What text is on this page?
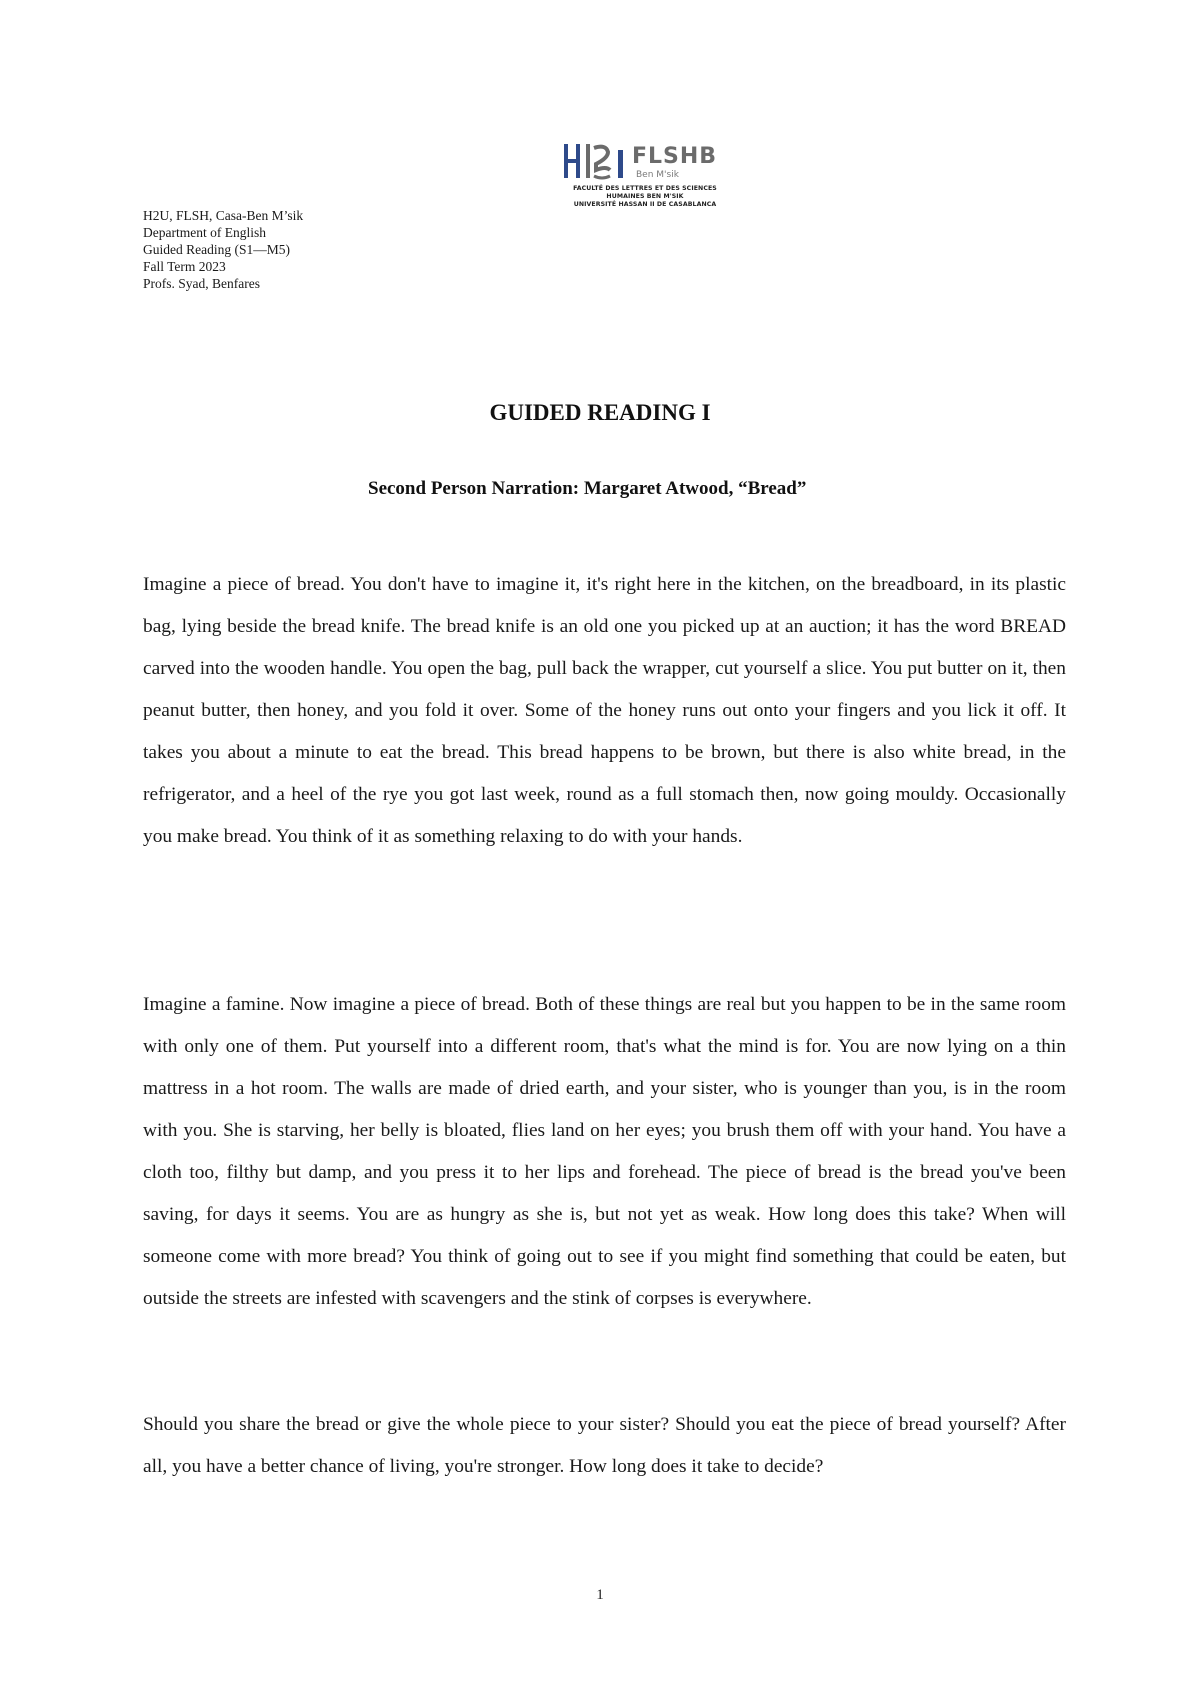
FLSHB
Ben M'sik
FACULTÉ DES LETTRES ET DES SCIENCES
HUMAINES BEN M'SIK
UNIVERSITÉ HASSAN II DE CASABLANCA
H2U, FLSH, Casa-Ben M’sik
Department of English
Guided Reading (S1—M5)
Fall Term 2023
Profs. Syad, Benfares
GUIDED READING I
Second Person Narration: Margaret Atwood, “Bread”
Imagine a piece of bread. You don't have to imagine it, it's right here in the kitchen, on the breadboard, in its plastic bag, lying beside the bread knife. The bread knife is an old one you picked up at an auction; it has the word BREAD carved into the wooden handle. You open the bag, pull back the wrapper, cut yourself a slice. You put butter on it, then peanut butter, then honey, and you fold it over. Some of the honey runs out onto your fingers and you lick it off. It takes you about a minute to eat the bread. This bread happens to be brown, but there is also white bread, in the refrigerator, and a heel of the rye you got last week, round as a full stomach then, now going mouldy. Occasionally you make bread. You think of it as something relaxing to do with your hands.
Imagine a famine. Now imagine a piece of bread. Both of these things are real but you happen to be in the same room with only one of them. Put yourself into a different room, that's what the mind is for. You are now lying on a thin mattress in a hot room. The walls are made of dried earth, and your sister, who is younger than you, is in the room with you. She is starving, her belly is bloated, flies land on her eyes; you brush them off with your hand. You have a cloth too, filthy but damp, and you press it to her lips and forehead. The piece of bread is the bread you've been saving, for days it seems. You are as hungry as she is, but not yet as weak. How long does this take? When will someone come with more bread? You think of going out to see if you might find something that could be eaten, but outside the streets are infested with scavengers and the stink of corpses is everywhere.
Should you share the bread or give the whole piece to your sister? Should you eat the piece of bread yourself? After all, you have a better chance of living, you're stronger. How long does it take to decide?
1
